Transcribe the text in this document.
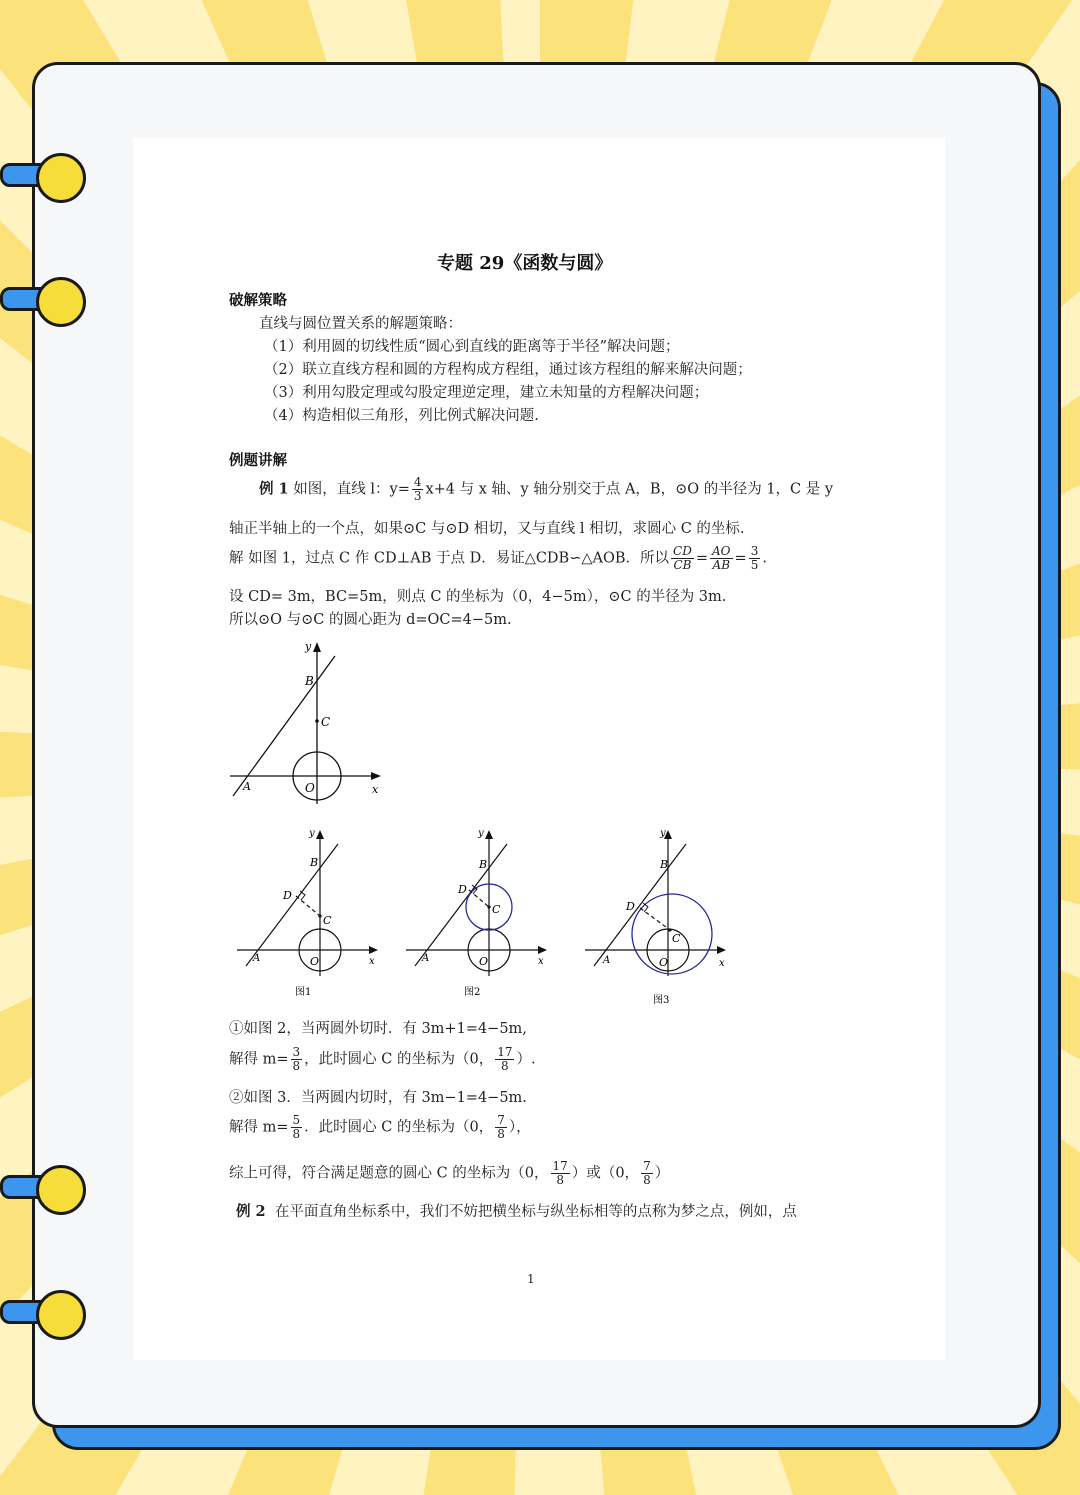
专题 29《函数与圆》
破解策略
直线与圆位置关系的解题策略：
（1）利用圆的切线性质“圆心到直线的距离等于半径”解决问题；
（2）联立直线方程和圆的方程构成方程组，通过该方程组的解来解决问题；
（3）利用勾股定理或勾股定理逆定理，建立未知量的方程解决问题；
（4）构造相似三角形，列比例式解决问题.
例题讲解
例 1 如图，直线 l：$y= \frac{4}{3} x+4$ 与 x 轴、y 轴分别交于点 A，B，⊙O 的半径为 1，C 是 y
轴正半轴上的一个点，如果⊙C 与⊙D 相切，又与直线 l 相切，求圆心 C 的坐标.
解 如图 1，过点 C 作 CD⊥AB 于点 D．易证△CDB∽△AOB．所以 $\frac{CD}{CB} = \frac{AO}{AB} = \frac{3}{5}$ .
设 CD= 3m，BC=5m，则点 C 的坐标为（0，4−5m），⊙C 的半径为 3m.
所以⊙O 与⊙C 的圆心距为 d=OC=4−5m.
y
x
B
C
A	O
y
x
B
D
C
A	O
图1
y
x
B
D
C
A	O
图2
y
x
B
D
C
A	O
图3
①如图 2，当两圆外切时．有 3m+1=4−5m,
解得 $m= \frac{3}{8}$ ，此时圆心 C 的坐标为（0， $\frac{17}{8}$ ）.
②如图 3．当两圆内切时，有 3m−1=4−5m.
解得 $m= \frac{5}{8}$ ．此时圆心 C 的坐标为（0， $\frac{7}{8}$ ），
综上可得，符合满足题意的圆心 C 的坐标为（0， $\frac{17}{8}$ ）或（0， $\frac{7}{8}$ ）
例 2 在平面直角坐标系中，我们不妨把横坐标与纵坐标相等的点称为梦之点，例如，点
1
